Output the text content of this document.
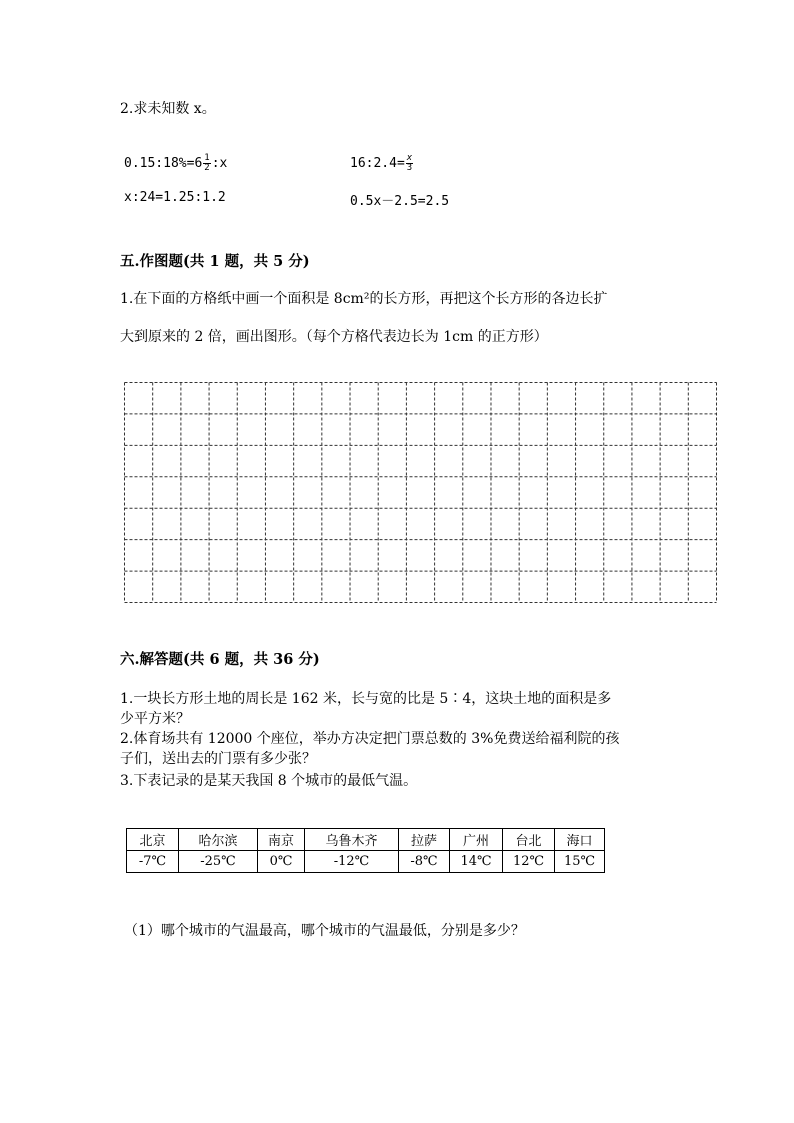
2.求未知数 x。
0.15:18%=6 $\frac{1}{2}$ :x	16:2.4= $\frac{x}{3}$
x:24=1.25:1.2	0.5x－2.5=2.5
五.作图题(共 1 题，共 5 分)
1.在下面的方格纸中画一个面积是 8cm²的长方形，再把这个长方形的各边长扩
大到原来的 2 倍，画出图形。（每个方格代表边长为 1cm 的正方形）
六.解答题(共 6 题，共 36 分)
1.一块长方形土地的周长是 162 米，长与宽的比是 5∶4，这块土地的面积是多
少平方米？
2.体育场共有 12000 个座位，举办方决定把门票总数的 3%免费送给福利院的孩
子们，送出去的门票有多少张？
3.下表记录的是某天我国 8 个城市的最低气温。
北京	哈尔滨	南京	乌鲁木齐	拉萨	广州	台北	海口
-7℃	-25℃	0℃	-12℃	-8℃	14℃	12℃	15℃
（1）哪个城市的气温最高，哪个城市的气温最低，分别是多少？
